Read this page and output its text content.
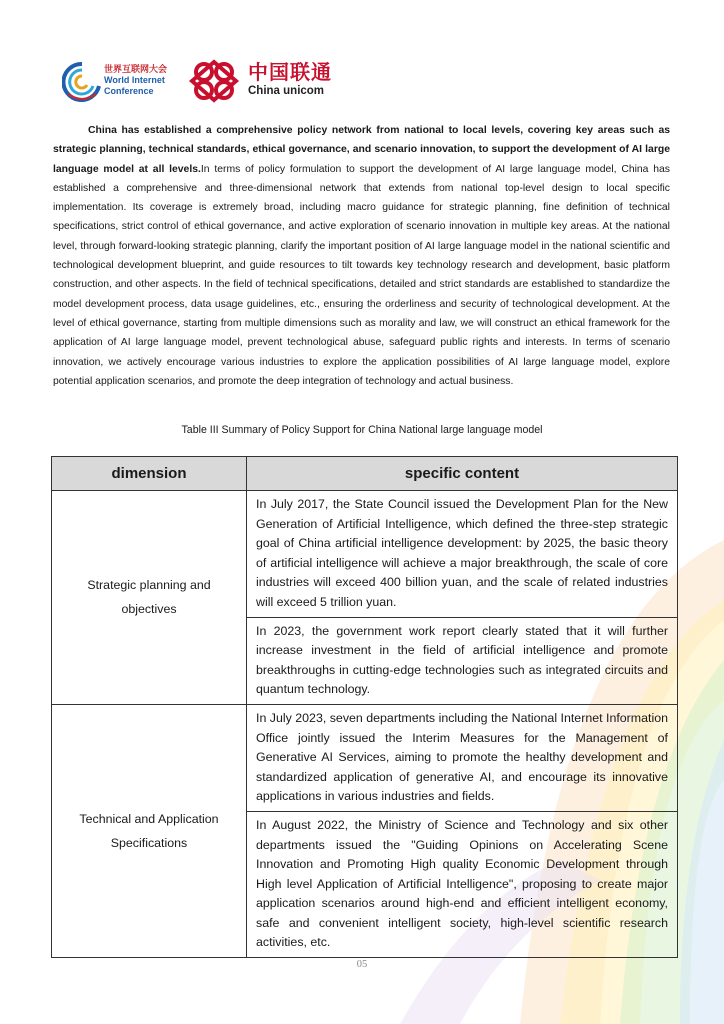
世界互联网大会
World Internet
Conference
中国联通
China unicom
China has established a comprehensive policy network from national to local levels, covering key areas such as strategic planning, technical standards, ethical governance, and scenario innovation, to support the development of AI large language model at all levels.In terms of policy formulation to support the development of AI large language model, China has established a comprehensive and three-dimensional network that extends from national top-level design to local specific implementation. Its coverage is extremely broad, including macro guidance for strategic planning, fine definition of technical specifications, strict control of ethical governance, and active exploration of scenario innovation in multiple key areas. At the national level, through forward-looking strategic planning, clarify the important position of AI large language model in the national scientific and technological development blueprint, and guide resources to tilt towards key technology research and development, basic platform construction, and other aspects. In the field of technical specifications, detailed and strict standards are established to standardize the model development process, data usage guidelines, etc., ensuring the orderliness and security of technological development. At the level of ethical governance, starting from multiple dimensions such as morality and law, we will construct an ethical framework for the application of AI large language model, prevent technological abuse, safeguard public rights and interests. In terms of scenario innovation, we actively encourage various industries to explore the application possibilities of AI large language model, explore potential application scenarios, and promote the deep integration of technology and actual business.
Table III Summary of Policy Support for China National large language model
dimension	specific content
Strategic planning and objectives	In July 2017, the State Council issued the Development Plan for the New Generation of Artificial Intelligence, which defined the three-step strategic goal of China artificial intelligence development: by 2025, the basic theory of artificial intelligence will achieve a major breakthrough, the scale of core industries will exceed 400 billion yuan, and the scale of related industries will exceed 5 trillion yuan.
	In 2023, the government work report clearly stated that it will further increase investment in the field of artificial intelligence and promote breakthroughs in cutting-edge technologies such as integrated circuits and quantum technology.
Technical and Application Specifications	In July 2023, seven departments including the National Internet Information Office jointly issued the Interim Measures for the Management of Generative AI Services, aiming to promote the healthy development and standardized application of generative AI, and encourage its innovative applications in various industries and fields.
	In August 2022, the Ministry of Science and Technology and six other departments issued the "Guiding Opinions on Accelerating Scene Innovation and Promoting High quality Economic Development through High level Application of Artificial Intelligence", proposing to create major application scenarios around high-end and efficient intelligent economy, safe and convenient intelligent society, high-level scientific research activities, etc.
05
